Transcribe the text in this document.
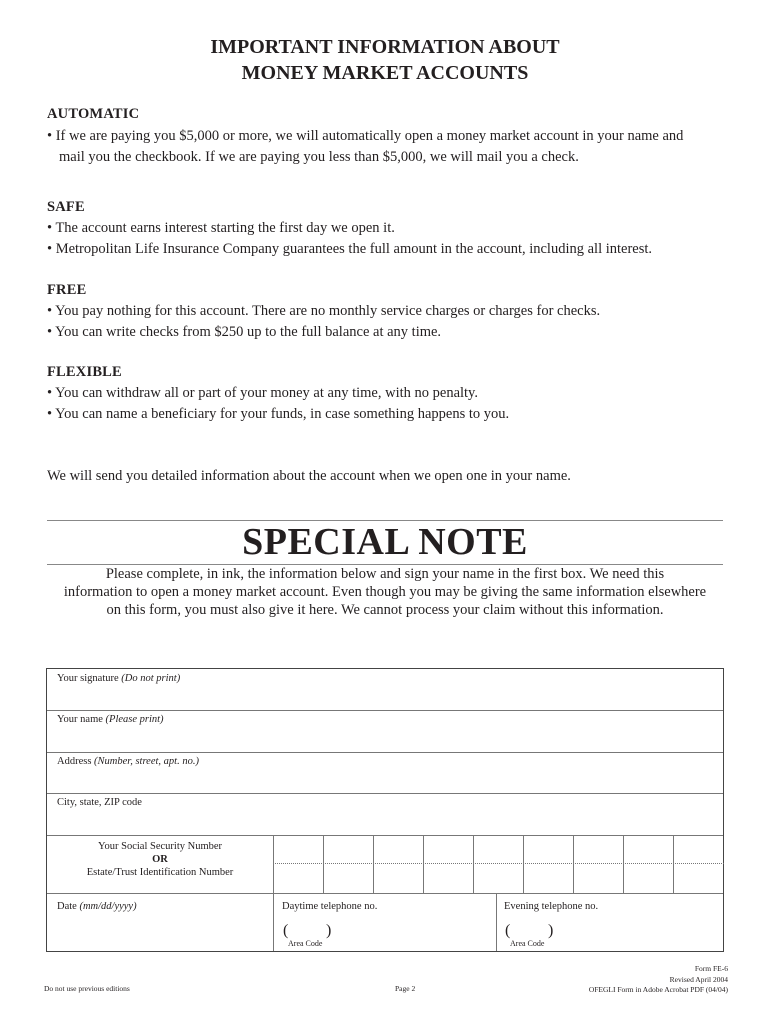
IMPORTANT INFORMATION ABOUT
MONEY MARKET ACCOUNTS
AUTOMATIC
• If we are paying you $5,000 or more, we will automatically open a money market account in your name and
mail you the checkbook. If we are paying you less than $5,000, we will mail you a check.
SAFE
• The account earns interest starting the first day we open it.
• Metropolitan Life Insurance Company guarantees the full amount in the account, including all interest.
FREE
• You pay nothing for this account. There are no monthly service charges or charges for checks.
• You can write checks from $250 up to the full balance at any time.
FLEXIBLE
• You can withdraw all or part of your money at any time, with no penalty.
• You can name a beneficiary for your funds, in case something happens to you.
We will send you detailed information about the account when we open one in your name.
SPECIAL NOTE
Please complete, in ink, the information below and sign your name in the first box. We need this
information to open a money market account. Even though you may be giving the same information elsewhere
on this form, you must also give it here. We cannot process your claim without this information.
Your signature (Do not print)
Your name (Please print)
Address (Number, street, apt. no.)
City, state, ZIP code
Your Social Security Number
OR
Estate/Trust Identification Number
Date (mm/dd/yyyy)	Daytime telephone no.
( )
Area Code
Evening telephone no.
( )
Area Code
Do not use previous editions	Page 2
Form FE-6
Revised April 2004
OFEGLI Form in Adobe Acrobat PDF (04/04)
